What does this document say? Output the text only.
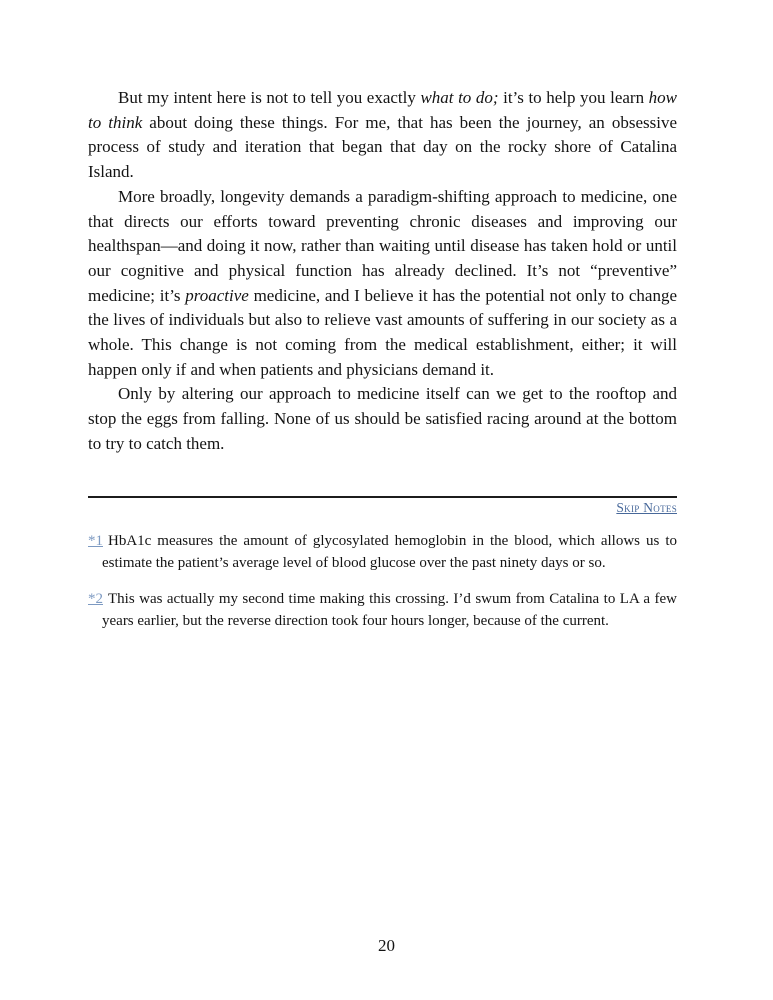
But my intent here is not to tell you exactly what to do; it’s to help you learn how to think about doing these things. For me, that has been the journey, an obsessive process of study and iteration that began that day on the rocky shore of Catalina Island.

More broadly, longevity demands a paradigm-shifting approach to medicine, one that directs our efforts toward preventing chronic diseases and improving our healthspan—and doing it now, rather than waiting until disease has taken hold or until our cognitive and physical function has already declined. It’s not “preventive” medicine; it’s proactive medicine, and I believe it has the potential not only to change the lives of individuals but also to relieve vast amounts of suffering in our society as a whole. This change is not coming from the medical establishment, either; it will happen only if and when patients and physicians demand it.

Only by altering our approach to medicine itself can we get to the rooftop and stop the eggs from falling. None of us should be satisfied racing around at the bottom to try to catch them.

Skip Notes

*1 HbA1c measures the amount of glycosylated hemoglobin in the blood, which allows us to estimate the patient’s average level of blood glucose over the past ninety days or so.

*2 This was actually my second time making this crossing. I’d swum from Catalina to LA a few years earlier, but the reverse direction took four hours longer, because of the current.

20
